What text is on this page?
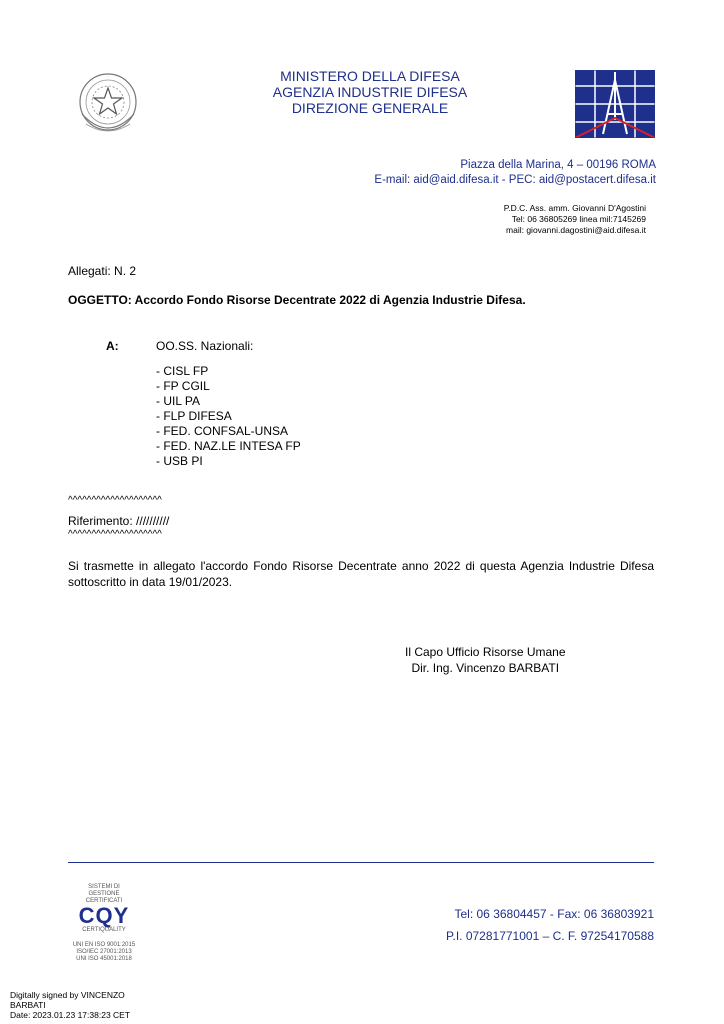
MINISTERO DELLA DIFESA
AGENZIA INDUSTRIE DIFESA
DIREZIONE GENERALE
Piazza della Marina, 4 – 00196 ROMA
E-mail: aid@aid.difesa.it - PEC: aid@postacert.difesa.it
P.D.C. Ass. amm. Giovanni D'Agostini
Tel: 06 36805269 linea mil:7145269
mail: giovanni.dagostini@aid.difesa.it
Allegati: N. 2
OGGETTO: Accordo Fondo Risorse Decentrate 2022 di Agenzia Industrie Difesa.
A:	OO.SS. Nazionali:
- CISL FP
- FP CGIL
- UIL PA
- FLP DIFESA
- FED. CONFSAL-UNSA
- FED. NAZ.LE INTESA FP
- USB PI
^^^^^^^^^^^^^^^^^^^^
Riferimento: //////////
^^^^^^^^^^^^^^^^^^^^
Si trasmette in allegato l'accordo Fondo Risorse Decentrate anno 2022 di questa Agenzia Industrie Difesa sottoscritto in data 19/01/2023.
Il Capo Ufficio Risorse Umane
Dir. Ing. Vincenzo BARBATI
SISTEMI DI GESTIONE CERTIFICATI
CQY
CERTIQUALITY
UNI EN ISO 9001:2015
ISO/IEC 27001:2013
UNI ISO 45001:2018
Tel: 06 36804457 - Fax: 06 36803921
P.I. 07281771001 – C. F. 97254170588
Digitally signed by VINCENZO
BARBATI
Date: 2023.01.23 17:38:23 CET
